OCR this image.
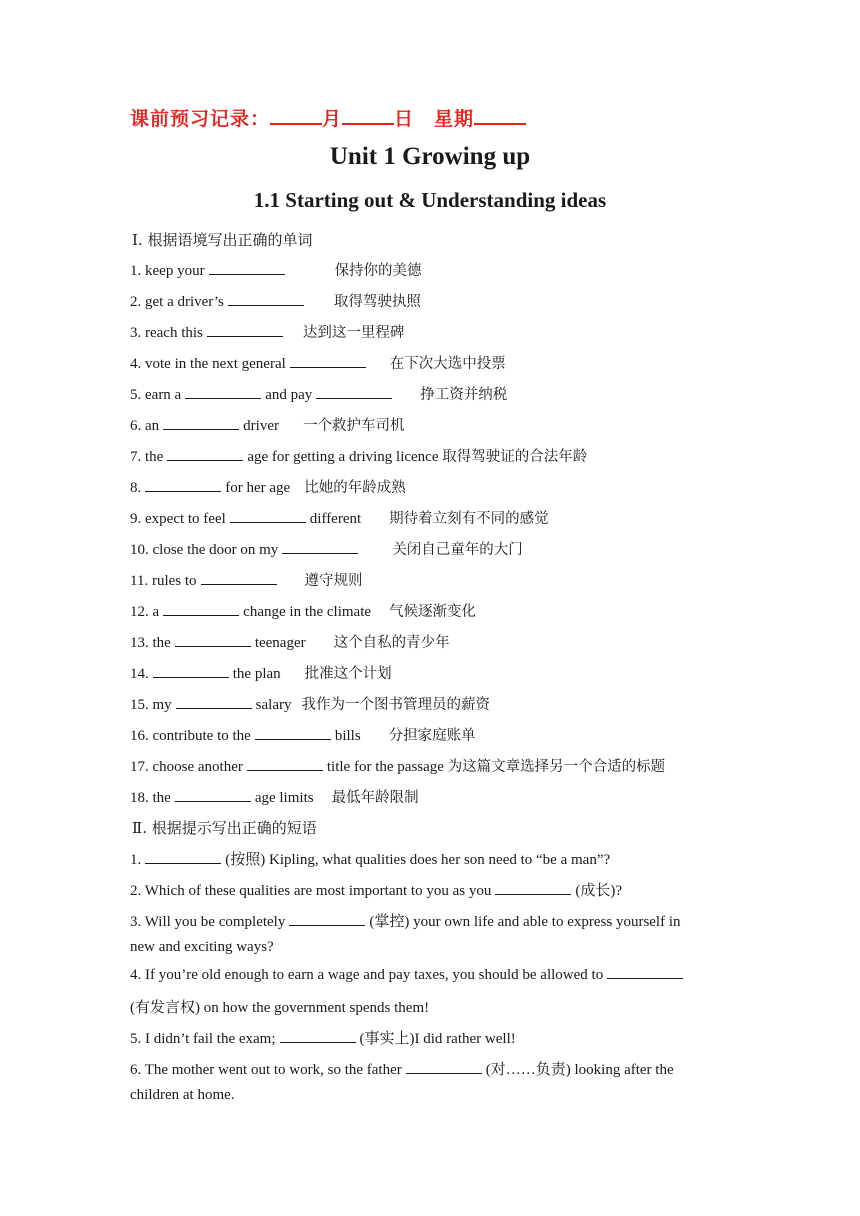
课前预习记录：	月	日 星期
Unit 1 Growing up
1.1 Starting out & Understanding ideas
Ⅰ. 根据语境写出正确的单词
1. keep your	保持你的美德
2. get a driver’s	取得驾驶执照
3. reach this	达到这一里程碑
4. vote in the next general	在下次大选中投票
5. earn a	and pay	挣工资并纳税
6. an	driver 一个救护车司机
7. the	age for getting a driving licence 取得驾驶证的合法年龄
8.	for her age 比她的年龄成熟
9. expect to feel	different 期待着立刻有不同的感觉
10. close the door on my	关闭自己童年的大门
11. rules to	遵守规则
12. a	change in the climate 气候逐渐变化
13. the	teenager 这个自私的青少年
14.	the plan 批准这个计划
15. my	salary 我作为一个图书管理员的薪资
16. contribute to the	bills 分担家庭账单
17. choose another	title for the passage 为这篇文章选择另一个合适的标题
18. the	age limits 最低年龄限制
Ⅱ. 根据提示写出正确的短语
1.	(按照) Kipling, what qualities does her son need to “be a man”?
2. Which of these qualities are most important to you as you	(成长)?
3. Will you be completely	(掌控) your own life and able to express yourself in
new and exciting ways?
4. If you’re old enough to earn a wage and pay taxes, you should be allowed to
(有发言权) on how the government spends them!
5. I didn’t fail the exam;	(事实上)I did rather well!
6. The mother went out to work, so the father	(对……负责) looking after the
children at home.
